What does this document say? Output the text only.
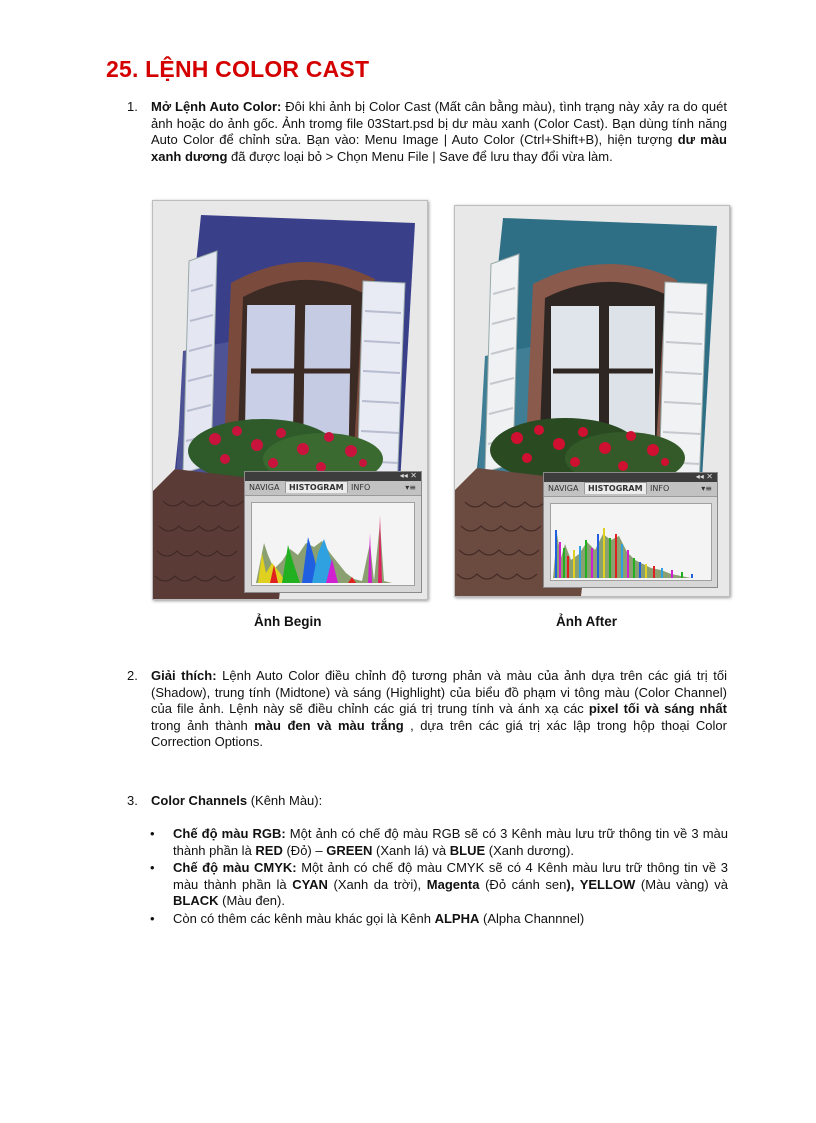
25. LỆNH COLOR CAST
1. Mở Lệnh Auto Color: Đôi khi ảnh bị Color Cast (Mất cân bằng màu), tình trạng này xảy ra do quét ảnh hoặc do ảnh gốc. Ảnh tromg file 03Start.psd bị dư màu xanh (Color Cast). Bạn dùng tính năng Auto Color để chỉnh sửa. Bạn vào: Menu Image | Auto Color (Ctrl+Shift+B), hiện tượng dư màu xanh dương đã được loại bỏ > Chọn Menu File | Save để lưu thay đổi vừa làm.
◂◂ ✕
NAVIGA	HISTOGRAM INFO	▾≡
Ảnh Begin
◂◂ ✕
NAVIGA	HISTOGRAM INFO	▾≡
Ảnh After
2. Giải thích: Lệnh Auto Color điều chỉnh độ tương phản và màu của ảnh dựa trên các giá trị tối (Shadow), trung tính (Midtone) và sáng (Highlight) của biểu đồ phạm vi tông màu (Color Channel) của file ảnh. Lệnh này sẽ điều chỉnh các giá trị trung tính và ánh xạ các pixel tối và sáng nhất trong ảnh thành màu đen và màu trắng , dựa trên các giá trị xác lập trong hộp thoại Color Correction Options.
3. Color Channels (Kênh Màu):
• Chế độ màu RGB: Một ảnh có chế độ màu RGB sẽ có 3 Kênh màu lưu trữ thông tin về 3 màu thành phần là RED (Đỏ) – GREEN (Xanh lá) và BLUE (Xanh dương).
• Chế độ màu CMYK: Một ảnh có chế độ màu CMYK sẽ có 4 Kênh màu lưu trữ thông tin về 3 màu thành phần là CYAN (Xanh da trời), Magenta (Đỏ cánh sen), YELLOW (Màu vàng) và BLACK (Màu đen).
• Còn có thêm các kênh màu khác gọi là Kênh ALPHA (Alpha Channnel)
